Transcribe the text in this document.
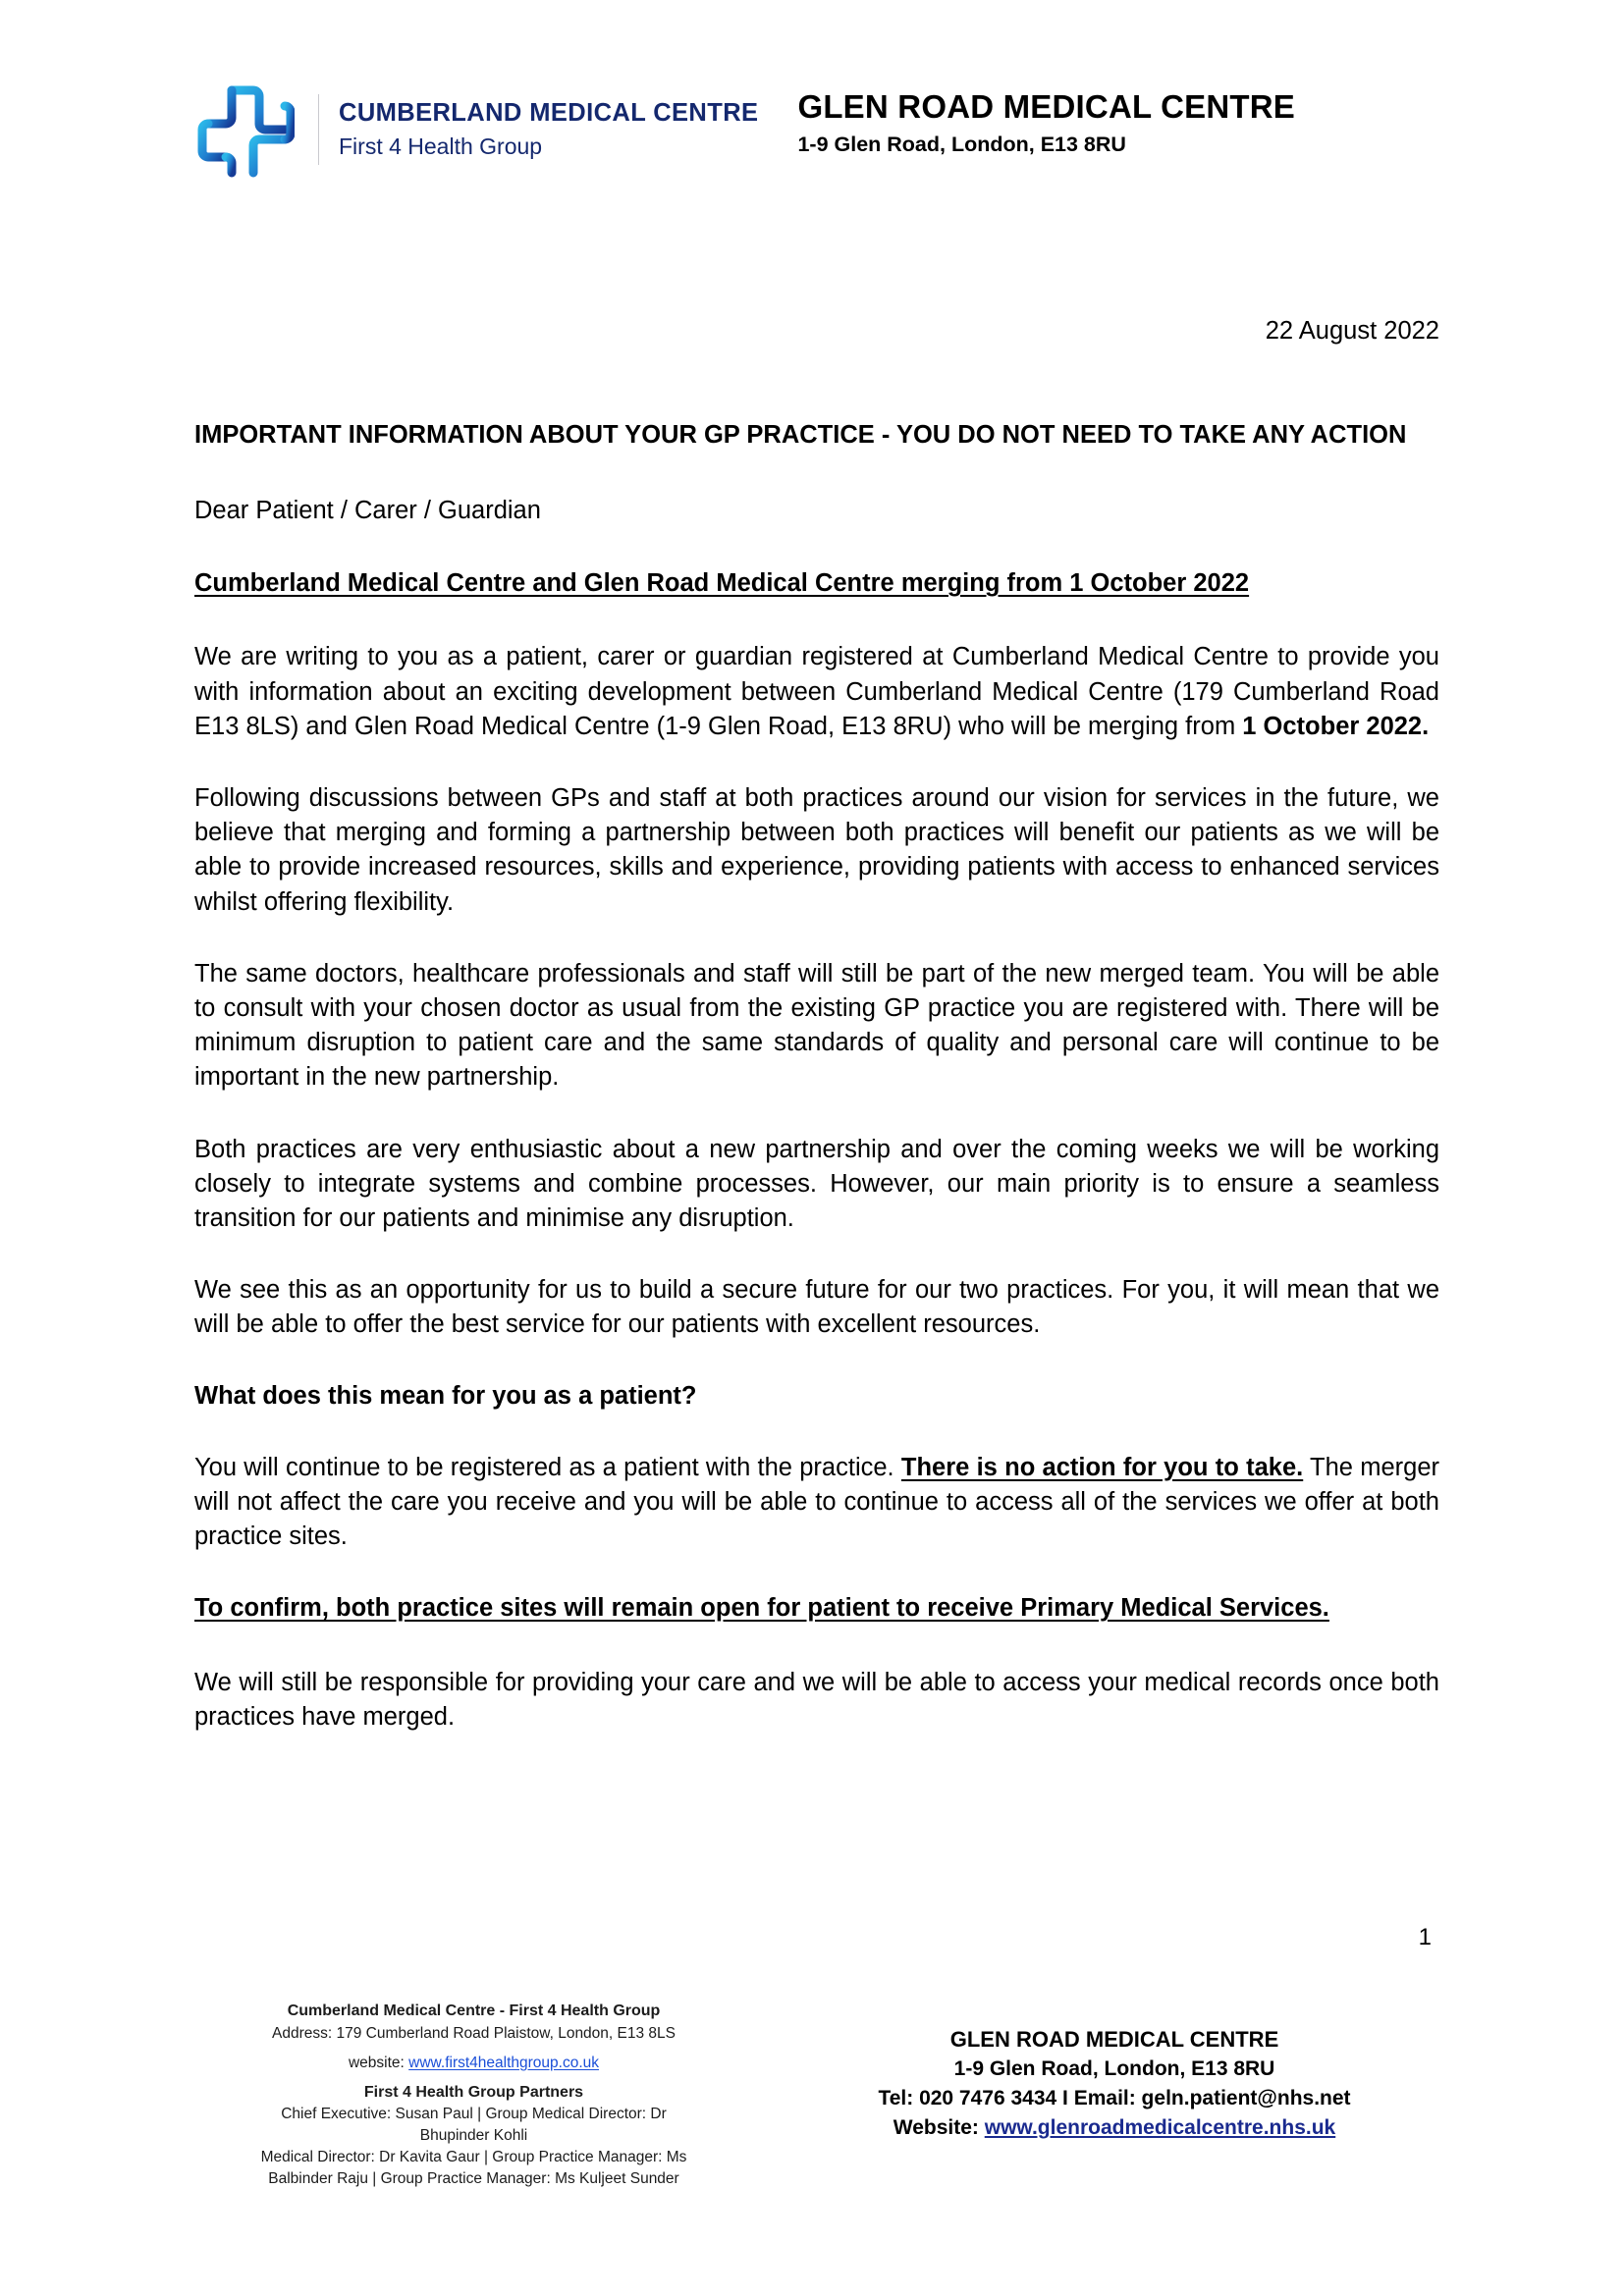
CUMBERLAND MEDICAL CENTRE
First 4 Health Group
GLEN ROAD MEDICAL CENTRE
1-9 Glen Road, London, E13 8RU
22 August 2022
IMPORTANT INFORMATION ABOUT YOUR GP PRACTICE - YOU DO NOT NEED TO TAKE ANY ACTION
Dear Patient / Carer / Guardian
Cumberland Medical Centre and Glen Road Medical Centre merging from 1 October 2022

We are writing to you as a patient, carer or guardian registered at Cumberland Medical Centre to provide you with information about an exciting development between Cumberland Medical Centre (179 Cumberland Road E13 8LS) and Glen Road Medical Centre (1-9 Glen Road, E13 8RU) who will be merging from 1 October 2022.

Following discussions between GPs and staff at both practices around our vision for services in the future, we believe that merging and forming a partnership between both practices will benefit our patients as we will be able to provide increased resources, skills and experience, providing patients with access to enhanced services whilst offering flexibility.

The same doctors, healthcare professionals and staff will still be part of the new merged team. You will be able to consult with your chosen doctor as usual from the existing GP practice you are registered with. There will be minimum disruption to patient care and the same standards of quality and personal care will continue to be important in the new partnership.

Both practices are very enthusiastic about a new partnership and over the coming weeks we will be working closely to integrate systems and combine processes. However, our main priority is to ensure a seamless transition for our patients and minimise any disruption.

We see this as an opportunity for us to build a secure future for our two practices. For you, it will mean that we will be able to offer the best service for our patients with excellent resources.

What does this mean for you as a patient?

You will continue to be registered as a patient with the practice. There is no action for you to take. The merger will not affect the care you receive and you will be able to continue to access all of the services we offer at both practice sites.

To confirm, both practice sites will remain open for patient to receive Primary Medical Services.

We will still be responsible for providing your care and we will be able to access your medical records once both practices have merged.

1
Cumberland Medical Centre - First 4 Health Group
Address: 179 Cumberland Road Plaistow, London, E13 8LS
website: www.first4healthgroup.co.uk
First 4 Health Group Partners
Chief Executive: Susan Paul | Group Medical Director: Dr
Bhupinder Kohli
Medical Director: Dr Kavita Gaur | Group Practice Manager: Ms
Balbinder Raju | Group Practice Manager: Ms Kuljeet Sunder
GLEN ROAD MEDICAL CENTRE
1-9 Glen Road, London, E13 8RU
Tel: 020 7476 3434 I Email: geln.patient@nhs.net
Website: www.glenroadmedicalcentre.nhs.uk
